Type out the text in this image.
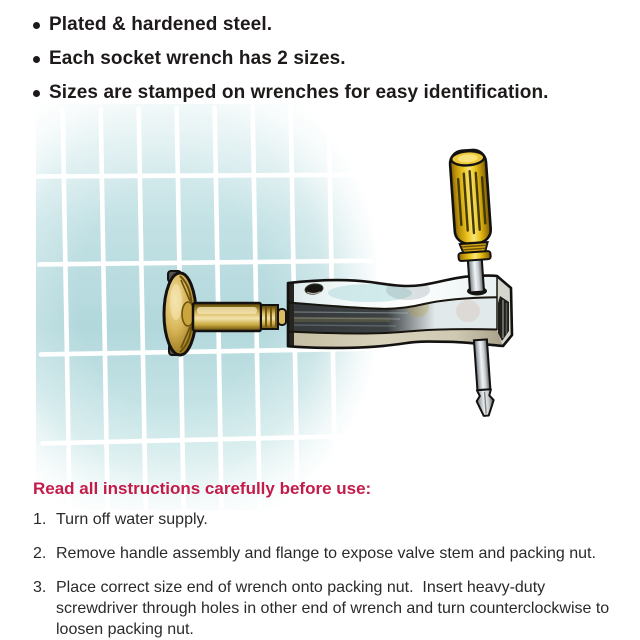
Plated & hardened steel.
Each socket wrench has 2 sizes.
Sizes are stamped on wrenches for easy identification.
Read all instructions carefully before use:
1. Turn off water supply.
2. Remove handle assembly and flange to expose valve stem and packing nut.
3. Place correct size end of wrench onto packing nut.  Insert heavy-duty screwdriver through holes in other end of wrench and turn counterclockwise to loosen packing nut.
